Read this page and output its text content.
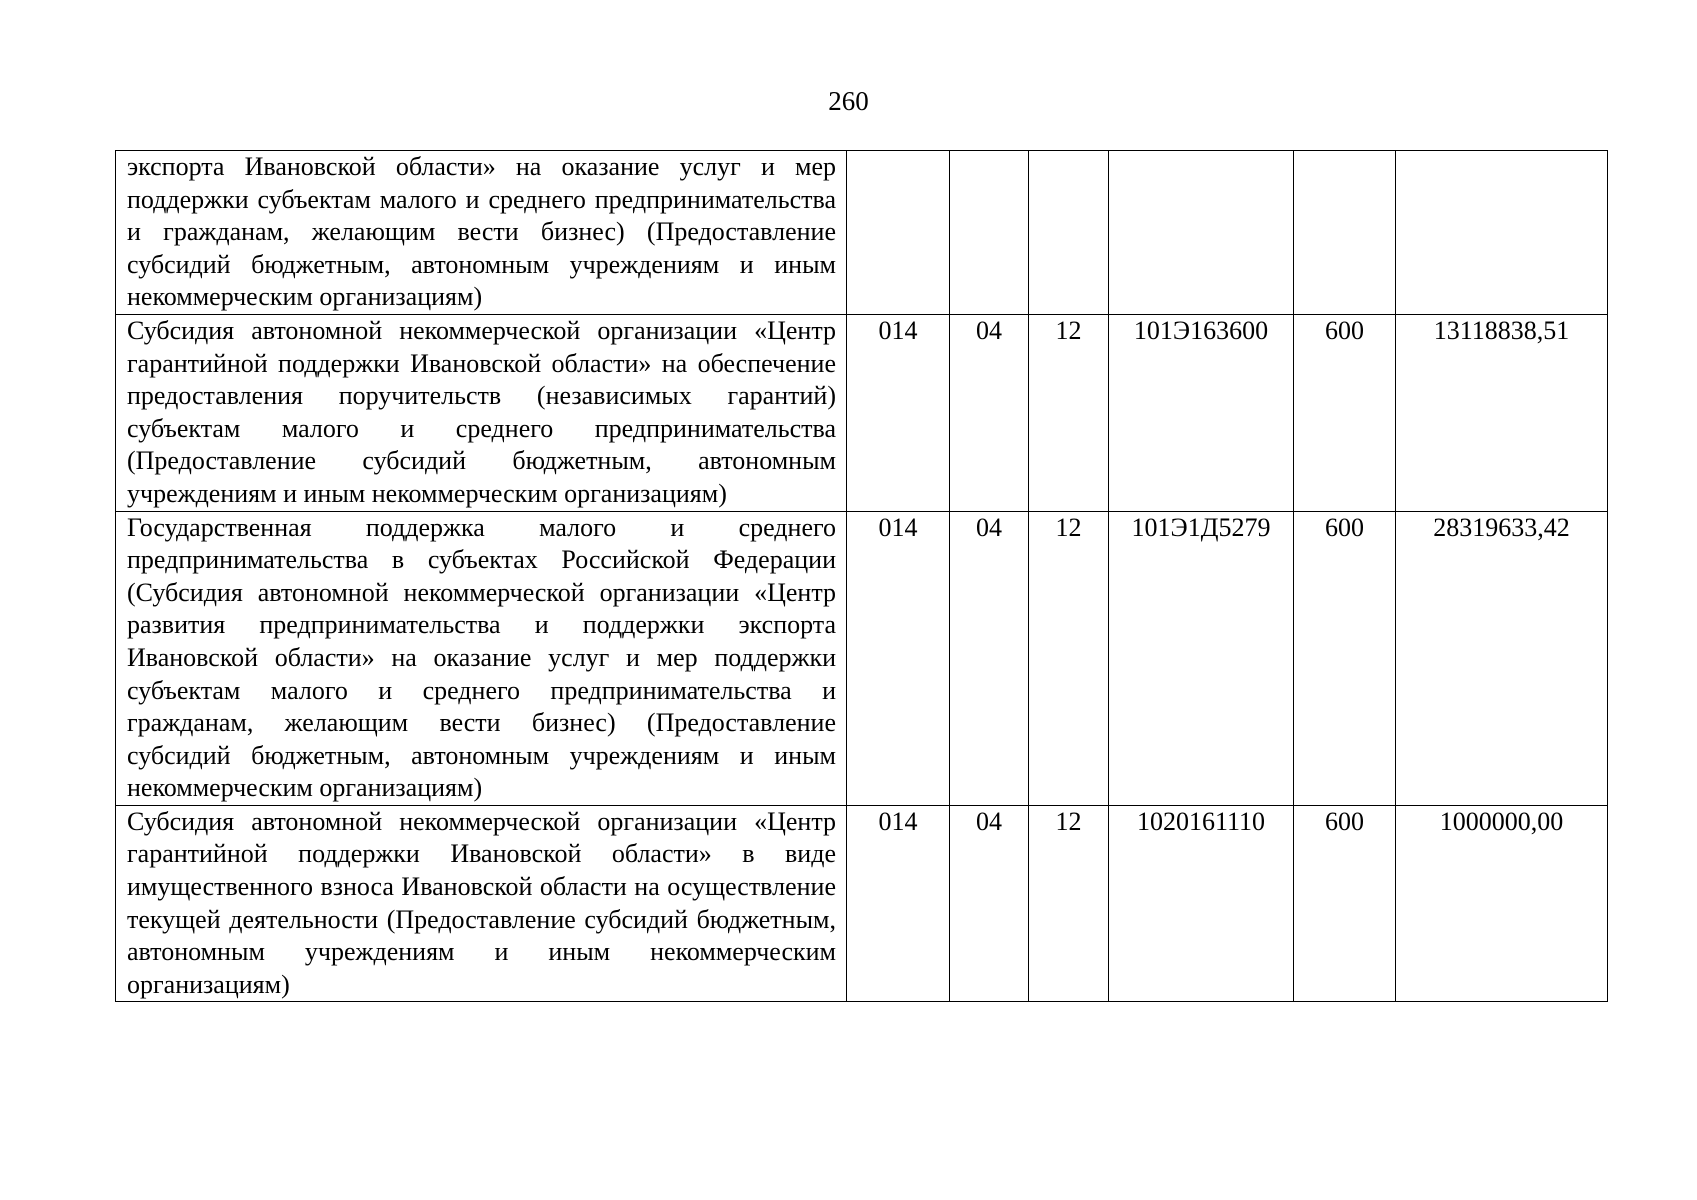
260
экспорта Ивановской области» на оказание услуг и мер поддержки субъектам малого и среднего предпринимательства и гражданам, желающим вести бизнес) (Предоставление субсидий бюджетным, автономным учреждениям и иным некоммерческим организациям)						
Субсидия автономной некоммерческой организации «Центр гарантийной поддержки Ивановской области» на обеспечение предоставления поручительств (независимых гарантий) субъектам малого и среднего предпринимательства (Предоставление субсидий бюджетным, автономным учреждениям и иным некоммерческим организациям)	014	04	12	101Э163600	600	13118838,51
Государственная поддержка малого и среднего предпринимательства в субъектах Российской Федерации (Субсидия автономной некоммерческой организации «Центр развития предпринимательства и поддержки экспорта Ивановской области» на оказание услуг и мер поддержки субъектам малого и среднего предпринимательства и гражданам, желающим вести бизнес) (Предоставление субсидий бюджетным, автономным учреждениям и иным некоммерческим организациям)	014	04	12	101Э1Д5279	600	28319633,42
Субсидия автономной некоммерческой организации «Центр гарантийной поддержки Ивановской области» в виде имущественного взноса Ивановской области на осуществление текущей деятельности (Предоставление субсидий бюджетным, автономным учреждениям и иным некоммерческим организациям)	014	04	12	1020161110	600	1000000,00
